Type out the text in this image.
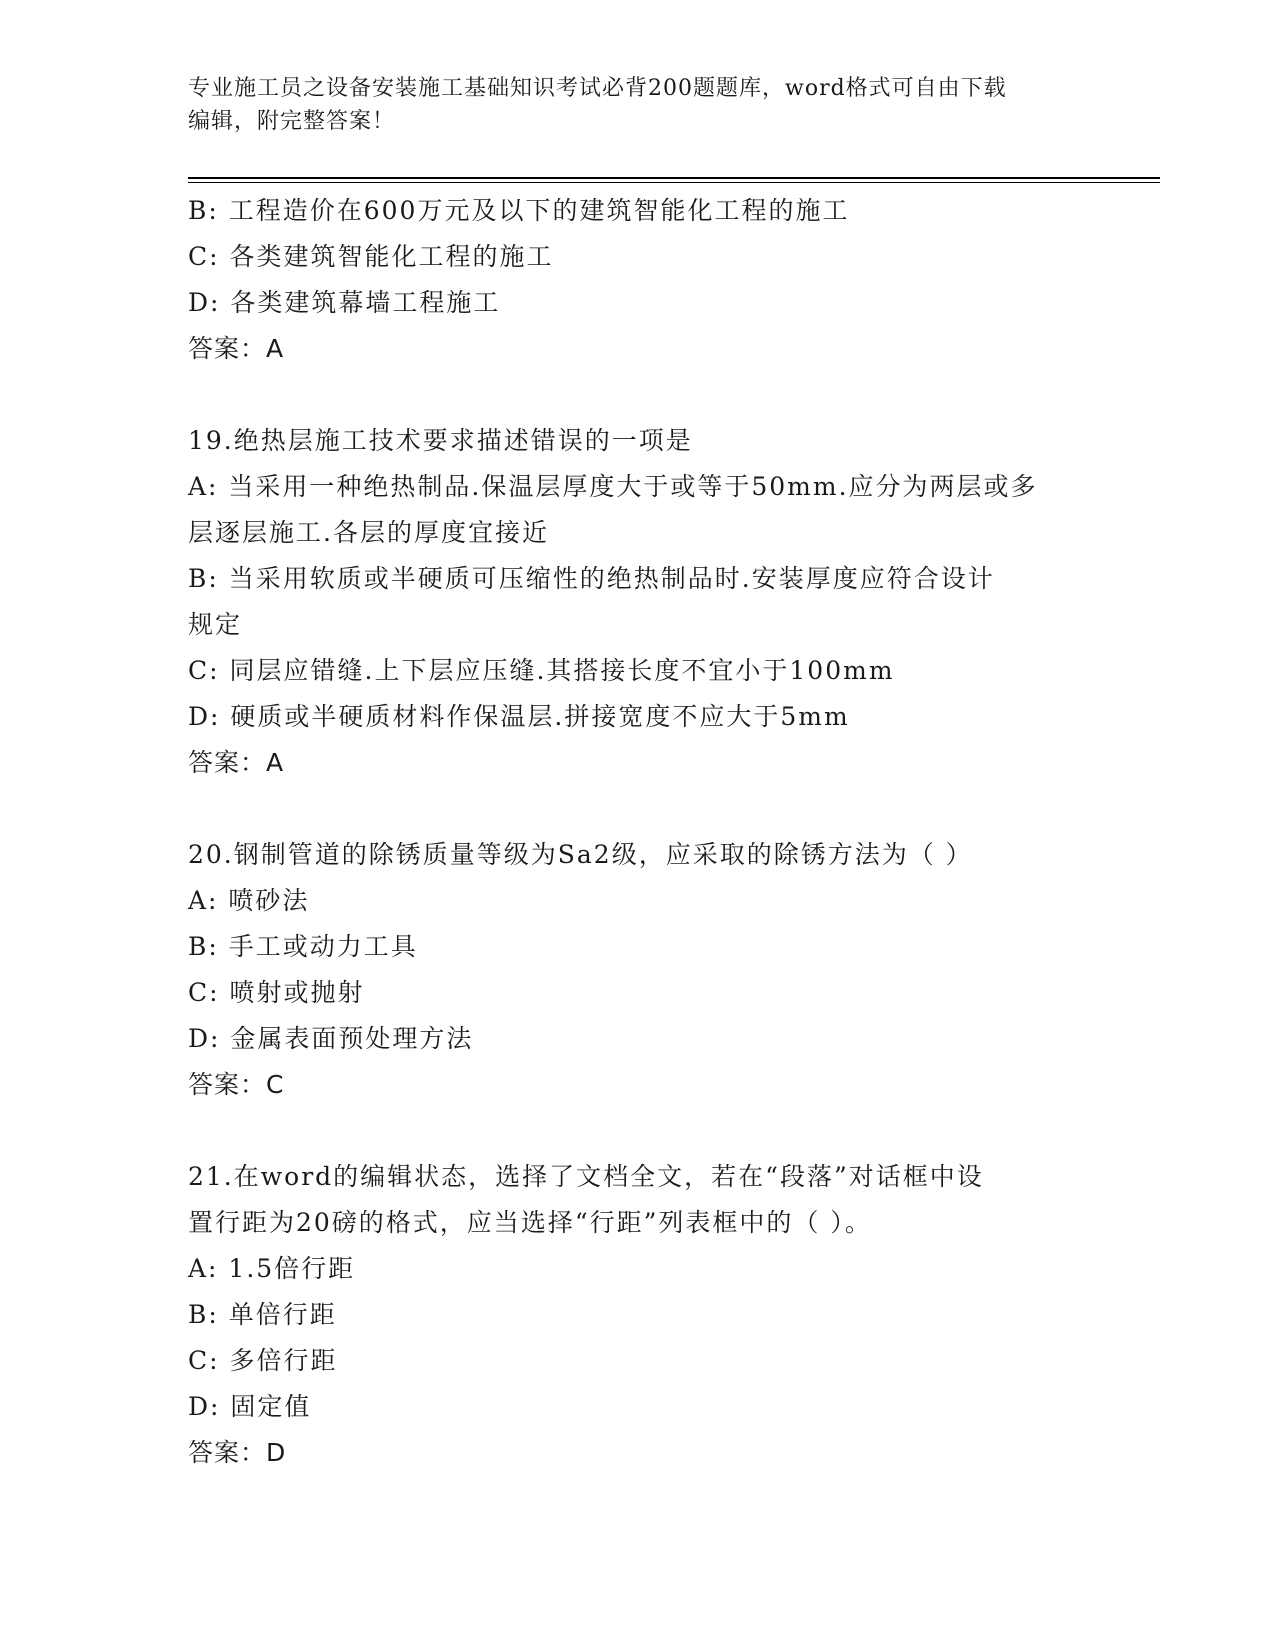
专业施工员之设备安装施工基础知识考试必背200题题库，word格式可自由下载
编辑，附完整答案！

B: 工程造价在600万元及以下的建筑智能化工程的施工

C: 各类建筑智能化工程的施工

D: 各类建筑幕墙工程施工

答案：A

19.绝热层施工技术要求描述错误的一项是

A: 当采用一种绝热制品.保温层厚度大于或等于50mm.应分为两层或多

层逐层施工.各层的厚度宜接近

B: 当采用软质或半硬质可压缩性的绝热制品时.安装厚度应符合设计

规定

C: 同层应错缝.上下层应压缝.其搭接长度不宜小于100mm

D: 硬质或半硬质材料作保温层.拼接宽度不应大于5mm

答案：A

20.钢制管道的除锈质量等级为Sa2级，应采取的除锈方法为（ ）

A: 喷砂法

B: 手工或动力工具

C: 喷射或抛射

D: 金属表面预处理方法

答案：C

21.在word的编辑状态，选择了文档全文，若在“段落”对话框中设

置行距为20磅的格式，应当选择“行距”列表框中的（ ）。

A: 1.5倍行距

B: 单倍行距

C: 多倍行距

D: 固定值

答案：D
